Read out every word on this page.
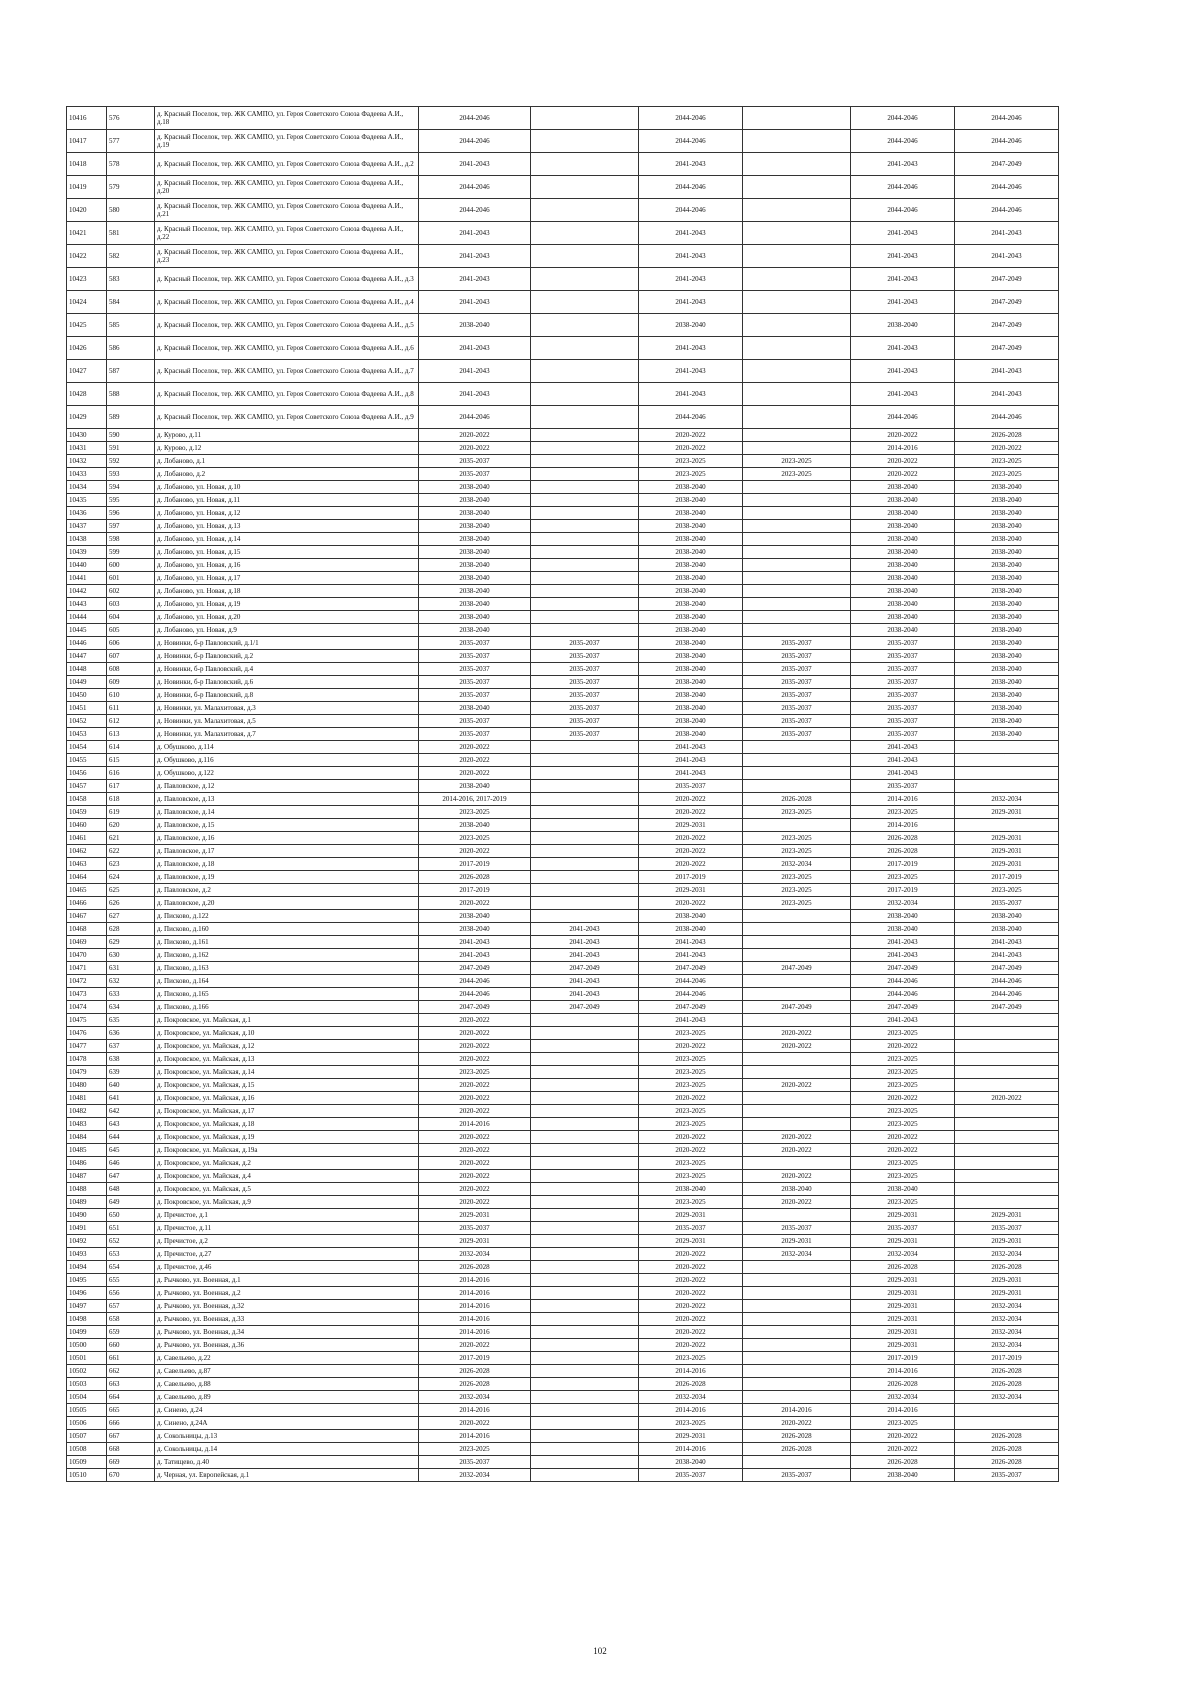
10416	576	д. Красный Поселок, тер. ЖК САМПО, ул. Героя Советского Союза Фадеева А.И., д.18	2044-2046		2044-2046		2044-2046	2044-2046
10417	577	д. Красный Поселок, тер. ЖК САМПО, ул. Героя Советского Союза Фадеева А.И., д.19	2044-2046		2044-2046		2044-2046	2044-2046
10418	578	д. Красный Поселок, тер. ЖК САМПО, ул. Героя Советского Союза Фадеева А.И., д.2	2041-2043		2041-2043		2041-2043	2047-2049
10419	579	д. Красный Поселок, тер. ЖК САМПО, ул. Героя Советского Союза Фадеева А.И., д.20	2044-2046		2044-2046		2044-2046	2044-2046
10420	580	д. Красный Поселок, тер. ЖК САМПО, ул. Героя Советского Союза Фадеева А.И., д.21	2044-2046		2044-2046		2044-2046	2044-2046
10421	581	д. Красный Поселок, тер. ЖК САМПО, ул. Героя Советского Союза Фадеева А.И., д.22	2041-2043		2041-2043		2041-2043	2041-2043
10422	582	д. Красный Поселок, тер. ЖК САМПО, ул. Героя Советского Союза Фадеева А.И., д.23	2041-2043		2041-2043		2041-2043	2041-2043
10423	583	д. Красный Поселок, тер. ЖК САМПО, ул. Героя Советского Союза Фадеева А.И., д.3	2041-2043		2041-2043		2041-2043	2047-2049
10424	584	д. Красный Поселок, тер. ЖК САМПО, ул. Героя Советского Союза Фадеева А.И., д.4	2041-2043		2041-2043		2041-2043	2047-2049
10425	585	д. Красный Поселок, тер. ЖК САМПО, ул. Героя Советского Союза Фадеева А.И., д.5	2038-2040		2038-2040		2038-2040	2047-2049
10426	586	д. Красный Поселок, тер. ЖК САМПО, ул. Героя Советского Союза Фадеева А.И., д.6	2041-2043		2041-2043		2041-2043	2047-2049
10427	587	д. Красный Поселок, тер. ЖК САМПО, ул. Героя Советского Союза Фадеева А.И., д.7	2041-2043		2041-2043		2041-2043	2041-2043
10428	588	д. Красный Поселок, тер. ЖК САМПО, ул. Героя Советского Союза Фадеева А.И., д.8	2041-2043		2041-2043		2041-2043	2041-2043
10429	589	д. Красный Поселок, тер. ЖК САМПО, ул. Героя Советского Союза Фадеева А.И., д.9	2044-2046		2044-2046		2044-2046	2044-2046
10430	590	д. Курово, д.11	2020-2022		2020-2022		2020-2022	2026-2028
10431	591	д. Курово, д.12	2020-2022		2020-2022		2014-2016	2020-2022
10432	592	д. Лобаново, д.1	2035-2037		2023-2025	2023-2025	2020-2022	2023-2025
10433	593	д. Лобаново, д.2	2035-2037		2023-2025	2023-2025	2020-2022	2023-2025
10434	594	д. Лобаново, ул. Новая, д.10	2038-2040		2038-2040		2038-2040	2038-2040
10435	595	д. Лобаново, ул. Новая, д.11	2038-2040		2038-2040		2038-2040	2038-2040
10436	596	д. Лобаново, ул. Новая, д.12	2038-2040		2038-2040		2038-2040	2038-2040
10437	597	д. Лобаново, ул. Новая, д.13	2038-2040		2038-2040		2038-2040	2038-2040
10438	598	д. Лобаново, ул. Новая, д.14	2038-2040		2038-2040		2038-2040	2038-2040
10439	599	д. Лобаново, ул. Новая, д.15	2038-2040		2038-2040		2038-2040	2038-2040
10440	600	д. Лобаново, ул. Новая, д.16	2038-2040		2038-2040		2038-2040	2038-2040
10441	601	д. Лобаново, ул. Новая, д.17	2038-2040		2038-2040		2038-2040	2038-2040
10442	602	д. Лобаново, ул. Новая, д.18	2038-2040		2038-2040		2038-2040	2038-2040
10443	603	д. Лобаново, ул. Новая, д.19	2038-2040		2038-2040		2038-2040	2038-2040
10444	604	д. Лобаново, ул. Новая, д.20	2038-2040		2038-2040		2038-2040	2038-2040
10445	605	д. Лобаново, ул. Новая, д.9	2038-2040		2038-2040		2038-2040	2038-2040
10446	606	д. Новинки, б-р Павловский, д.1/1	2035-2037	2035-2037	2038-2040	2035-2037	2035-2037	2038-2040
10447	607	д. Новинки, б-р Павловский, д.2	2035-2037	2035-2037	2038-2040	2035-2037	2035-2037	2038-2040
10448	608	д. Новинки, б-р Павловский, д.4	2035-2037	2035-2037	2038-2040	2035-2037	2035-2037	2038-2040
10449	609	д. Новинки, б-р Павловский, д.6	2035-2037	2035-2037	2038-2040	2035-2037	2035-2037	2038-2040
10450	610	д. Новинки, б-р Павловский, д.8	2035-2037	2035-2037	2038-2040	2035-2037	2035-2037	2038-2040
10451	611	д. Новинки, ул. Малахитовая, д.3	2038-2040	2035-2037	2038-2040	2035-2037	2035-2037	2038-2040
10452	612	д. Новинки, ул. Малахитовая, д.5	2035-2037	2035-2037	2038-2040	2035-2037	2035-2037	2038-2040
10453	613	д. Новинки, ул. Малахитовая, д.7	2035-2037	2035-2037	2038-2040	2035-2037	2035-2037	2038-2040
10454	614	д. Обушково, д.114	2020-2022		2041-2043		2041-2043	
10455	615	д. Обушково, д.116	2020-2022		2041-2043		2041-2043	
10456	616	д. Обушково, д.122	2020-2022		2041-2043		2041-2043	
10457	617	д. Павловское, д.12	2038-2040		2035-2037		2035-2037	
10458	618	д. Павловское, д.13	2014-2016, 2017-2019		2020-2022	2026-2028	2014-2016	2032-2034
10459	619	д. Павловское, д.14	2023-2025		2020-2022	2023-2025	2023-2025	2029-2031
10460	620	д. Павловское, д.15	2038-2040		2029-2031		2014-2016	
10461	621	д. Павловское, д.16	2023-2025		2020-2022	2023-2025	2026-2028	2029-2031
10462	622	д. Павловское, д.17	2020-2022		2020-2022	2023-2025	2026-2028	2029-2031
10463	623	д. Павловское, д.18	2017-2019		2020-2022	2032-2034	2017-2019	2029-2031
10464	624	д. Павловское, д.19	2026-2028		2017-2019	2023-2025	2023-2025	2017-2019
10465	625	д. Павловское, д.2	2017-2019		2029-2031	2023-2025	2017-2019	2023-2025
10466	626	д. Павловское, д.20	2020-2022		2020-2022	2023-2025	2032-2034	2035-2037
10467	627	д. Писково, д.122	2038-2040		2038-2040		2038-2040	2038-2040
10468	628	д. Писково, д.160	2038-2040	2041-2043	2038-2040		2038-2040	2038-2040
10469	629	д. Писково, д.161	2041-2043	2041-2043	2041-2043		2041-2043	2041-2043
10470	630	д. Писково, д.162	2041-2043	2041-2043	2041-2043		2041-2043	2041-2043
10471	631	д. Писково, д.163	2047-2049	2047-2049	2047-2049	2047-2049	2047-2049	2047-2049
10472	632	д. Писково, д.164	2044-2046	2041-2043	2044-2046		2044-2046	2044-2046
10473	633	д. Писково, д.165	2044-2046	2041-2043	2044-2046		2044-2046	2044-2046
10474	634	д. Писково, д.166	2047-2049	2047-2049	2047-2049	2047-2049	2047-2049	2047-2049
10475	635	д. Покровское, ул. Майская, д.1	2020-2022		2041-2043		2041-2043	
10476	636	д. Покровское, ул. Майская, д.10	2020-2022		2023-2025	2020-2022	2023-2025	
10477	637	д. Покровское, ул. Майская, д.12	2020-2022		2020-2022	2020-2022	2020-2022	
10478	638	д. Покровское, ул. Майская, д.13	2020-2022		2023-2025		2023-2025	
10479	639	д. Покровское, ул. Майская, д.14	2023-2025		2023-2025		2023-2025	
10480	640	д. Покровское, ул. Майская, д.15	2020-2022		2023-2025	2020-2022	2023-2025	
10481	641	д. Покровское, ул. Майская, д.16	2020-2022		2020-2022		2020-2022	2020-2022
10482	642	д. Покровское, ул. Майская, д.17	2020-2022		2023-2025		2023-2025	
10483	643	д. Покровское, ул. Майская, д.18	2014-2016		2023-2025		2023-2025	
10484	644	д. Покровское, ул. Майская, д.19	2020-2022		2020-2022	2020-2022	2020-2022	
10485	645	д. Покровское, ул. Майская, д.19а	2020-2022		2020-2022	2020-2022	2020-2022	
10486	646	д. Покровское, ул. Майская, д.2	2020-2022		2023-2025		2023-2025	
10487	647	д. Покровское, ул. Майская, д.4	2020-2022		2023-2025	2020-2022	2023-2025	
10488	648	д. Покровское, ул. Майская, д.5	2020-2022		2038-2040	2038-2040	2038-2040	
10489	649	д. Покровское, ул. Майская, д.9	2020-2022		2023-2025	2020-2022	2023-2025	
10490	650	д. Пречистое, д.1	2029-2031		2029-2031		2029-2031	2029-2031
10491	651	д. Пречистое, д.11	2035-2037		2035-2037	2035-2037	2035-2037	2035-2037
10492	652	д. Пречистое, д.2	2029-2031		2029-2031	2029-2031	2029-2031	2029-2031
10493	653	д. Пречистое, д.27	2032-2034		2020-2022	2032-2034	2032-2034	2032-2034
10494	654	д. Пречистое, д.46	2026-2028		2020-2022		2026-2028	2026-2028
10495	655	д. Рычково, ул. Военная, д.1	2014-2016		2020-2022		2029-2031	2029-2031
10496	656	д. Рычково, ул. Военная, д.2	2014-2016		2020-2022		2029-2031	2029-2031
10497	657	д. Рычково, ул. Военная, д.32	2014-2016		2020-2022		2029-2031	2032-2034
10498	658	д. Рычково, ул. Военная, д.33	2014-2016		2020-2022		2029-2031	2032-2034
10499	659	д. Рычково, ул. Военная, д.34	2014-2016		2020-2022		2029-2031	2032-2034
10500	660	д. Рычково, ул. Военная, д.36	2020-2022		2020-2022		2029-2031	2032-2034
10501	661	д. Савельево, д.22	2017-2019		2023-2025		2017-2019	2017-2019
10502	662	д. Савельево, д.87	2026-2028		2014-2016		2014-2016	2026-2028
10503	663	д. Савельево, д.88	2026-2028		2026-2028		2026-2028	2026-2028
10504	664	д. Савельево, д.89	2032-2034		2032-2034		2032-2034	2032-2034
10505	665	д. Синено, д.24	2014-2016		2014-2016	2014-2016	2014-2016	
10506	666	д. Синено, д.24А	2020-2022		2023-2025	2020-2022	2023-2025	
10507	667	д. Сокольницы, д.13	2014-2016		2029-2031	2026-2028	2020-2022	2026-2028
10508	668	д. Сокольницы, д.14	2023-2025		2014-2016	2026-2028	2020-2022	2026-2028
10509	669	д. Татищево, д.40	2035-2037		2038-2040		2026-2028	2026-2028
10510	670	д. Черная, ул. Европейская, д.1	2032-2034		2035-2037	2035-2037	2038-2040	2035-2037
102
